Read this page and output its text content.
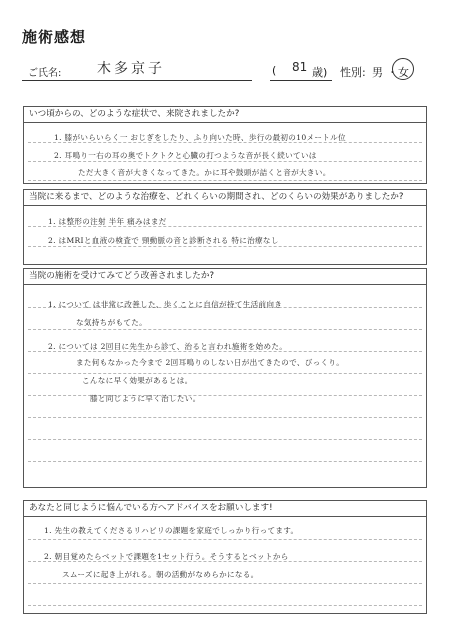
施術感想
ご氏名:	木多京子	( 81 歳) 性別: 男 ・ 女
いつ頃からの、どのような症状で、来院されましたか?
1. 膝がいらいらく一 おじぎをしたり、ふり向いた時、歩行の最初の10メートル位
2. 耳鳴り一右の耳の奥でトクトクと心臓の打つような音が長く続いていは
ただ大きく音が大きくなってきた。かに耳や鼓頭が詰くと音が大きい。
当院に来るまで、どのような治療を、どれくらいの期間され、どのくらいの効果がありましたか?
1. は整形の注射 半年 痛みはまだ
2. はMRIと血液の検査で 頸動脈の音と診断される 特に治療なし
当院の施術を受けてみてどう改善されましたか?
1. について は非常に改善した、歩くことに自信が持て生活前向き
な気持ちがもてた。
2. については 2回目に先生から診て、治ると言われ施術を始めた。
また何もなかった今まで 2回耳鳴りのしない日が出てきたので、びっくり。
こんなに早く効果があるとは。
膝と同じように早く治したい。
あなたと同じように悩んでいる方へアドバイスをお願いします!
1. 先生の教えてくださるリハビリの課題を家庭でしっかり行ってます。
2. 朝目覚めたらベットで課題を1セット行う。そうするとベットから
スムーズに起き上がれる。朝の活動がなめらかになる。
